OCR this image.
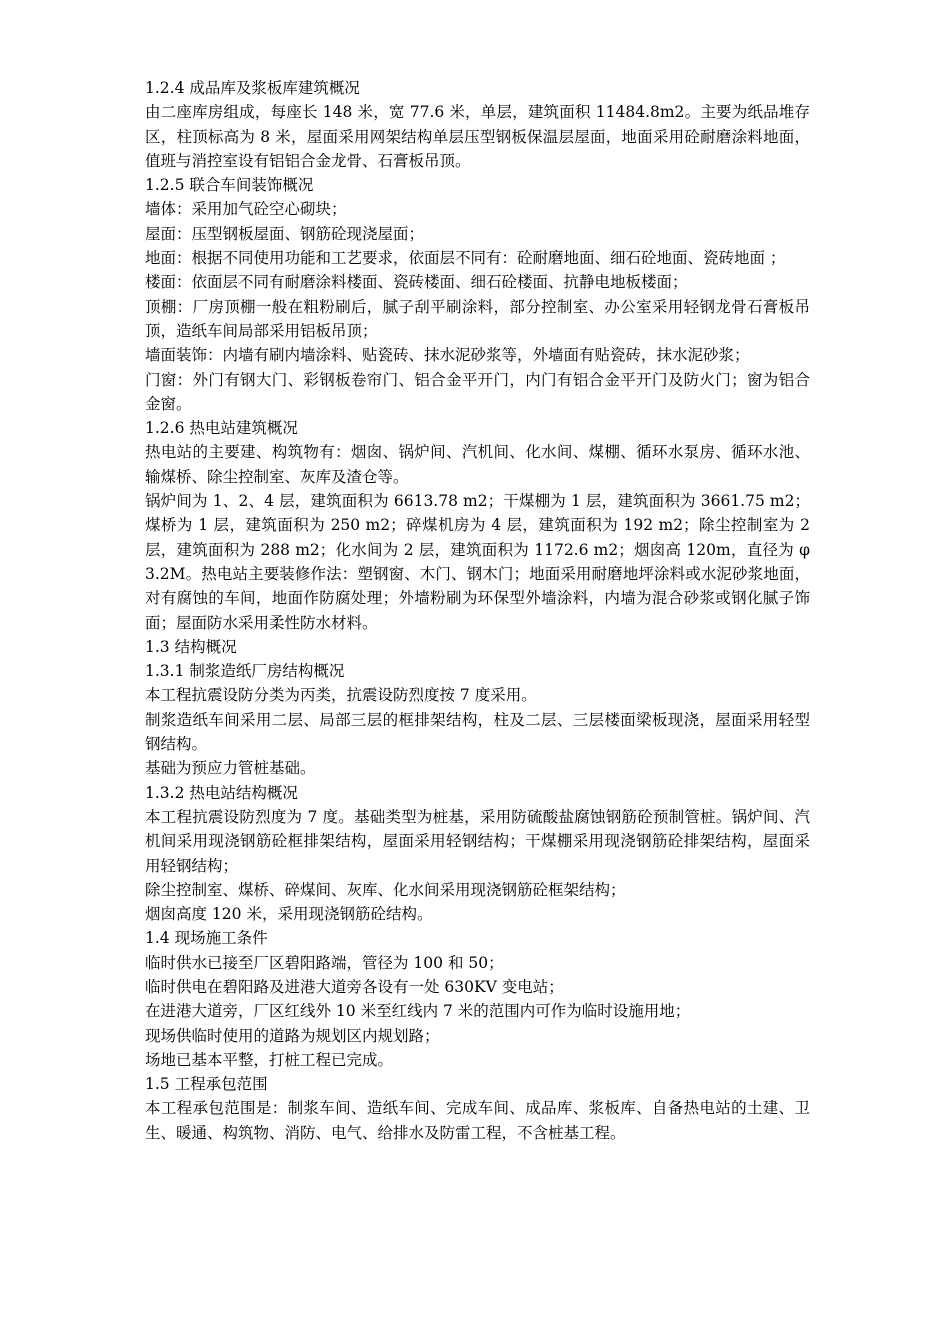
1.2.4 成品库及浆板库建筑概况

由二座库房组成，每座长 148 米，宽 77.6 米，单层，建筑面积 11484.8m2。主要为纸品堆存区，柱顶标高为 8 米，屋面采用网架结构单层压型钢板保温层屋面，地面采用砼耐磨涂料地面，值班与消控室设有铝铝合金龙骨、石膏板吊顶。

1.2.5 联合车间装饰概况

墙体：采用加气砼空心砌块；

屋面：压型钢板屋面、钢筋砼现浇屋面；

地面：根据不同使用功能和工艺要求，依面层不同有：砼耐磨地面、细石砼地面、瓷砖地面 ；

楼面：依面层不同有耐磨涂料楼面、瓷砖楼面、细石砼楼面、抗静电地板楼面；

顶棚：厂房顶棚一般在粗粉刷后，腻子刮平刷涂料，部分控制室、办公室采用轻钢龙骨石膏板吊顶，造纸车间局部采用铝板吊顶；

墙面装饰：内墙有刷内墙涂料、贴瓷砖、抹水泥砂浆等，外墙面有贴瓷砖，抹水泥砂浆；

门窗：外门有钢大门、彩钢板卷帘门、铝合金平开门，内门有铝合金平开门及防火门；窗为铝合金窗。

1.2.6 热电站建筑概况

热电站的主要建、构筑物有：烟囱、锅炉间、汽机间、化水间、煤棚、循环水泵房、循环水池、输煤桥、除尘控制室、灰库及渣仓等。

锅炉间为 1、2、4 层，建筑面积为 6613.78 m2；干煤棚为 1 层，建筑面积为 3661.75 m2；煤桥为 1 层，建筑面积为 250 m2；碎煤机房为 4 层，建筑面积为 192 m2；除尘控制室为 2 层，建筑面积为 288 m2；化水间为 2 层，建筑面积为 1172.6 m2；烟囱高 120m，直径为 φ3.2M。热电站主要装修作法：塑钢窗、木门、钢木门；地面采用耐磨地坪涂料或水泥砂浆地面，对有腐蚀的车间，地面作防腐处理；外墙粉刷为环保型外墙涂料，内墙为混合砂浆或钢化腻子饰面；屋面防水采用柔性防水材料。

1.3 结构概况

1.3.1 制浆造纸厂房结构概况

本工程抗震设防分类为丙类，抗震设防烈度按 7 度采用。

制浆造纸车间采用二层、局部三层的框排架结构，柱及二层、三层楼面梁板现浇，屋面采用轻型钢结构。

基础为预应力管桩基础。

1.3.2 热电站结构概况

本工程抗震设防烈度为 7 度。基础类型为桩基，采用防硫酸盐腐蚀钢筋砼预制管桩。锅炉间、汽机间采用现浇钢筋砼框排架结构，屋面采用轻钢结构；干煤棚采用现浇钢筋砼排架结构，屋面采用轻钢结构；

除尘控制室、煤桥、碎煤间、灰库、化水间采用现浇钢筋砼框架结构；

烟囱高度 120 米，采用现浇钢筋砼结构。

1.4 现场施工条件

临时供水已接至厂区碧阳路端，管径为 100 和 50；

临时供电在碧阳路及进港大道旁各设有一处 630KV 变电站；

在进港大道旁，厂区红线外 10 米至红线内 7 米的范围内可作为临时设施用地；

现场供临时使用的道路为规划区内规划路；

场地已基本平整，打桩工程已完成。

1.5 工程承包范围

本工程承包范围是：制浆车间、造纸车间、完成车间、成品库、浆板库、自备热电站的土建、卫生、暖通、构筑物、消防、电气、给排水及防雷工程，不含桩基工程。
